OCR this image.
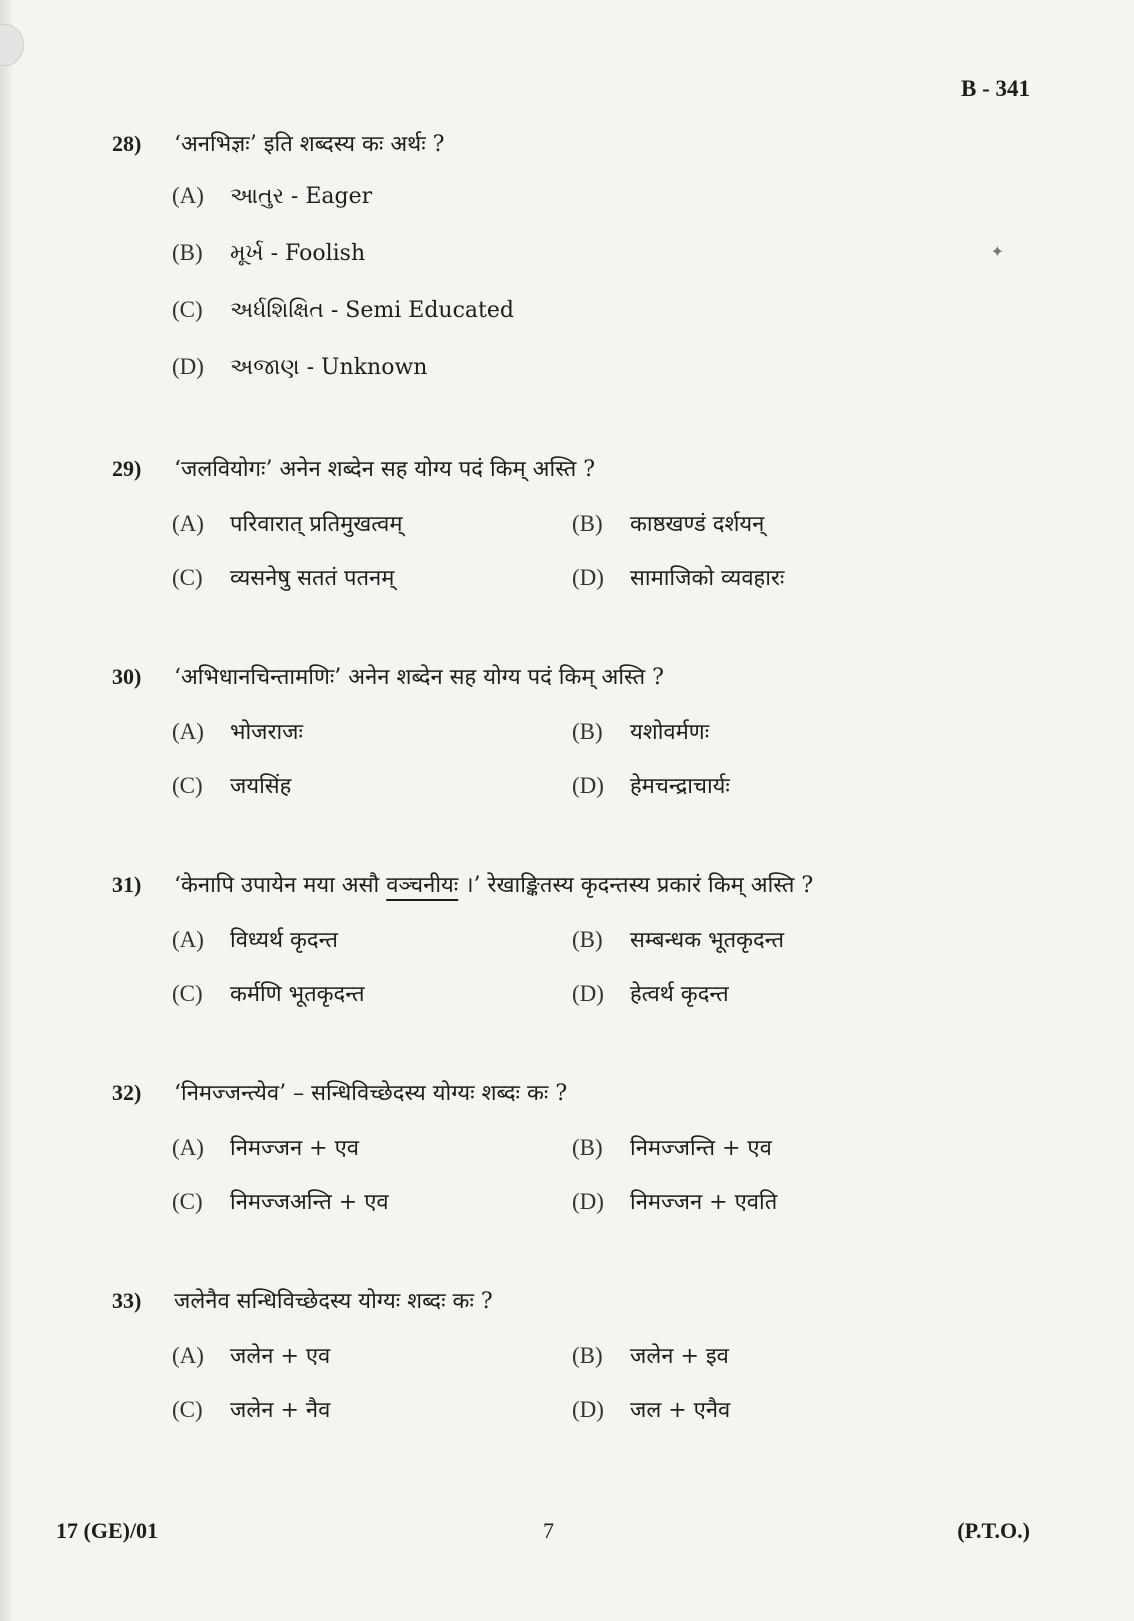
✦
B - 341
28)	‘अनभिज्ञः’ इति शब्दस्य कः अर्थः ?
(A)	આતુર - Eager
(B)	મૂર્ખ - Foolish
(C)	અર્ધશિક્ષિત - Semi Educated
(D)	અજાણ - Unknown
29)	‘जलवियोगः’ अनेन शब्देन सह योग्य पदं किम् अस्ति ?
(A)	परिवारात् प्रतिमुखत्वम्	(B)	काष्ठखण्डं दर्शयन्
(C)	व्यसनेषु सततं पतनम्	(D)	सामाजिको व्यवहारः
30)	‘अभिधानचिन्तामणिः’ अनेन शब्देन सह योग्य पदं किम् अस्ति ?
(A)	भोजराजः	(B)	यशोवर्मणः
(C)	जयसिंह	(D)	हेमचन्द्राचार्यः
31)	‘केनापि उपायेन मया असौ वञ्चनीयः ।’ रेखाङ्कितस्य कृदन्तस्य प्रकारं किम् अस्ति ?
(A)	विध्यर्थ कृदन्त	(B)	सम्बन्धक भूतकृदन्त
(C)	कर्मणि भूतकृदन्त	(D)	हेत्वर्थ कृदन्त
32)	‘निमज्जन्त्येव’ – सन्धिविच्छेदस्य योग्यः शब्दः कः ?
(A)	निमज्जन + एव	(B)	निमज्जन्ति + एव
(C)	निमज्जअन्ति + एव	(D)	निमज्जन + एवति
33)	जलेनैव सन्धिविच्छेदस्य योग्यः शब्दः कः ?
(A)	जलेन + एव	(B)	जलेन + इव
(C)	जलेन + नैव	(D)	जल + एनैव
17 (GE)/01	7	(P.T.O.)
